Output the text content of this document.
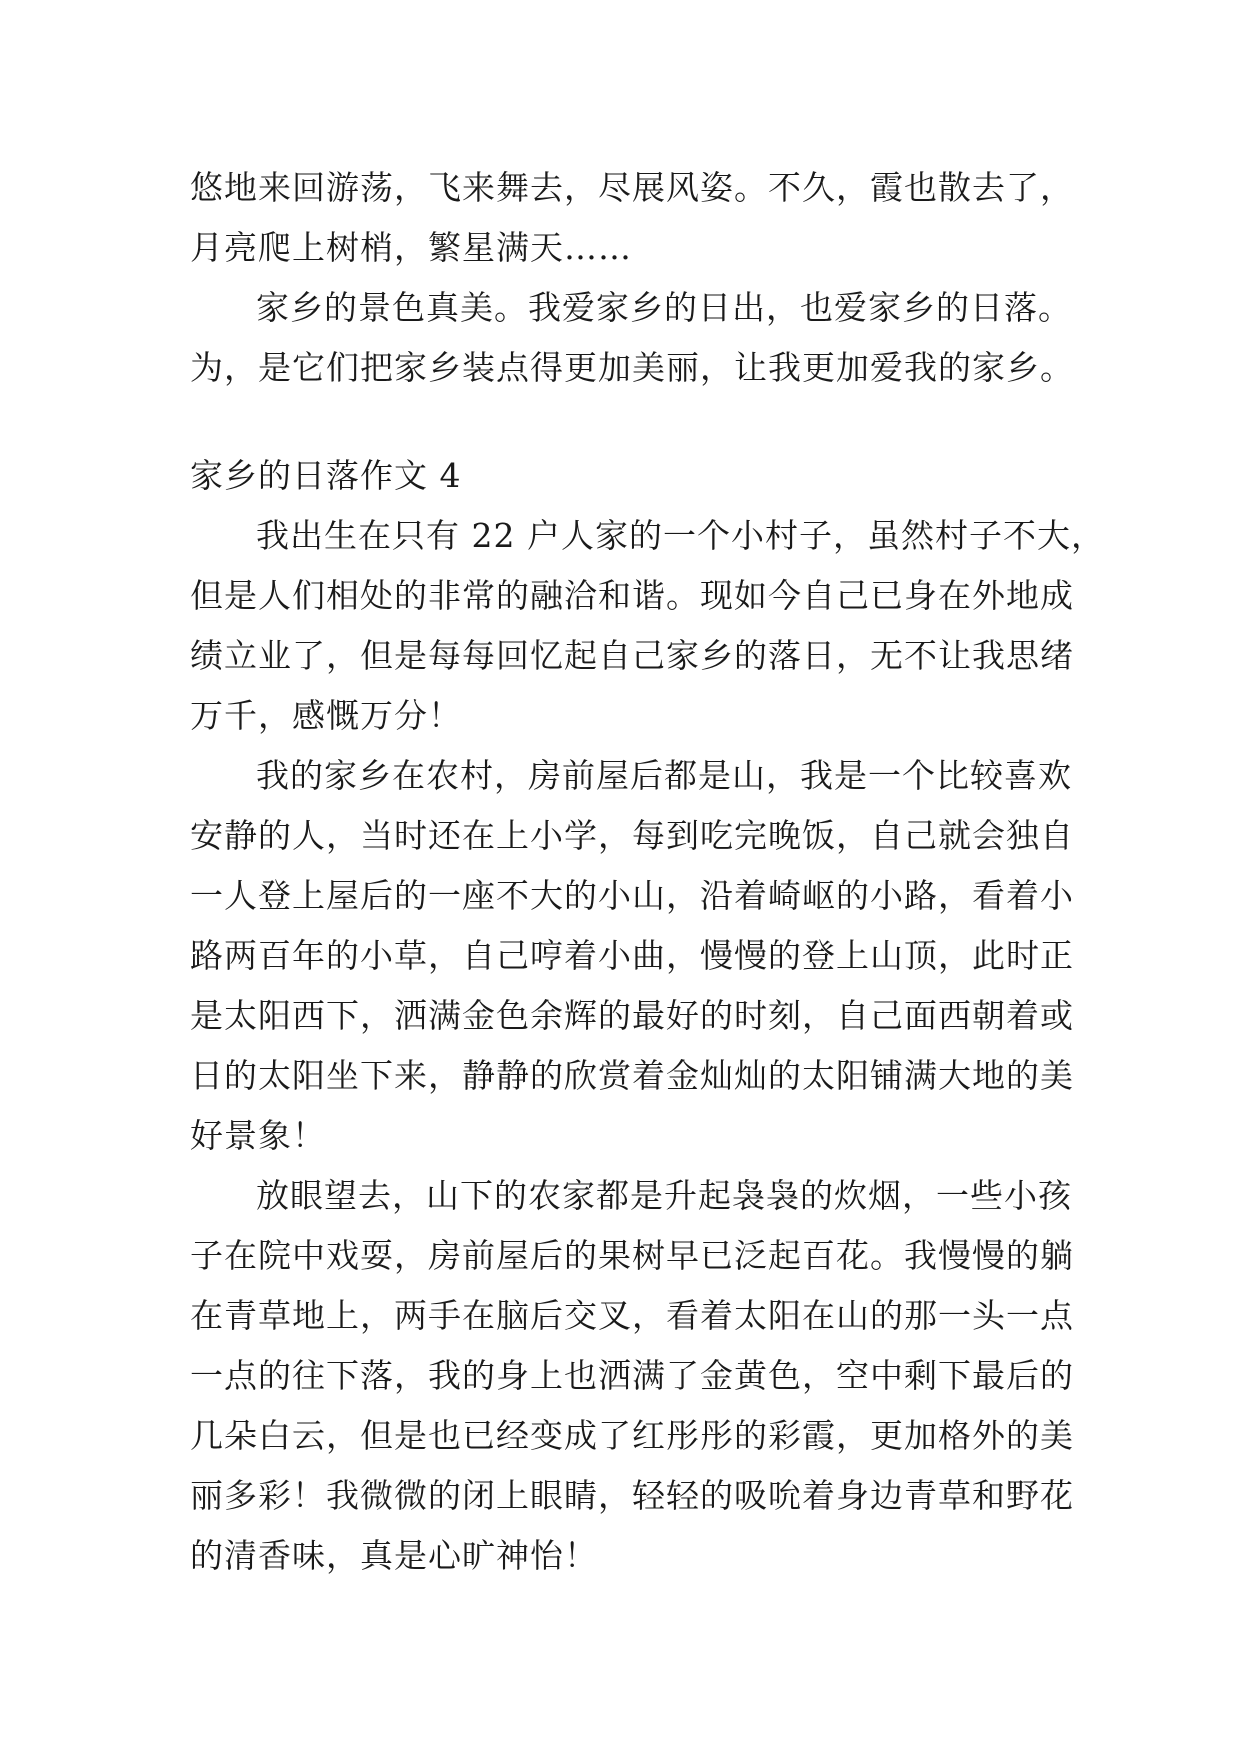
悠地来回游荡，飞来舞去，尽展风姿。不久，霞也散去了，
月亮爬上树梢，繁星满天……
家乡的景色真美。我爱家乡的日出，也爱家乡的日落。
为，是它们把家乡装点得更加美丽，让我更加爱我的家乡。
家乡的日落作文 4
我出生在只有 22 户人家的一个小村子，虽然村子不大，
但是人们相处的非常的融洽和谐。现如今自己已身在外地成
绩立业了，但是每每回忆起自己家乡的落日，无不让我思绪
万千，感慨万分！
我的家乡在农村，房前屋后都是山，我是一个比较喜欢
安静的人，当时还在上小学，每到吃完晚饭，自己就会独自
一人登上屋后的一座不大的小山，沿着崎岖的小路，看着小
路两百年的小草，自己哼着小曲，慢慢的登上山顶，此时正
是太阳西下，洒满金色余辉的最好的时刻，自己面西朝着或
日的太阳坐下来，静静的欣赏着金灿灿的太阳铺满大地的美
好景象！
放眼望去，山下的农家都是升起袅袅的炊烟，一些小孩
子在院中戏耍，房前屋后的果树早已泛起百花。我慢慢的躺
在青草地上，两手在脑后交叉，看着太阳在山的那一头一点
一点的往下落，我的身上也洒满了金黄色，空中剩下最后的
几朵白云，但是也已经变成了红彤彤的彩霞，更加格外的美
丽多彩！我微微的闭上眼睛，轻轻的吸吮着身边青草和野花
的清香味，真是心旷神怡！
